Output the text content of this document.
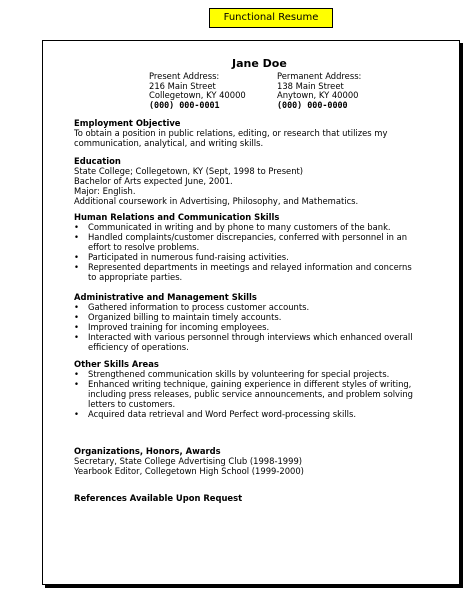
Functional Resume
Jane Doe
Present Address:
216 Main Street
Collegetown, KY 40000
(000) 000-0001
Permanent Address:
138 Main Street
Anytown, KY 40000
(000) 000-0000
Employment Objective
To obtain a position in public relations, editing, or research that utilizes my communication, analytical, and writing skills.
Education
State College; Collegetown, KY (Sept, 1998 to Present)
Bachelor of Arts expected June, 2001.
Major: English.
Additional coursework in Advertising, Philosophy, and Mathematics.
Human Relations and Communication Skills
• Communicated in writing and by phone to many customers of the bank.
• Handled complaints/customer discrepancies, conferred with personnel in an effort to resolve problems.
• Participated in numerous fund-raising activities.
• Represented departments in meetings and relayed information and concerns to appropriate parties.
Administrative and Management Skills
• Gathered information to process customer accounts.
• Organized billing to maintain timely accounts.
• Improved training for incoming employees.
• Interacted with various personnel through interviews which enhanced overall efficiency of operations.
Other Skills Areas
• Strengthened communication skills by volunteering for special projects.
• Enhanced writing technique, gaining experience in different styles of writing, including press releases, public service announcements, and problem solving letters to customers.
• Acquired data retrieval and Word Perfect word-processing skills.
Organizations, Honors, Awards
Secretary, State College Advertising Club (1998-1999)
Yearbook Editor, Collegetown High School (1999-2000)
References Available Upon Request
